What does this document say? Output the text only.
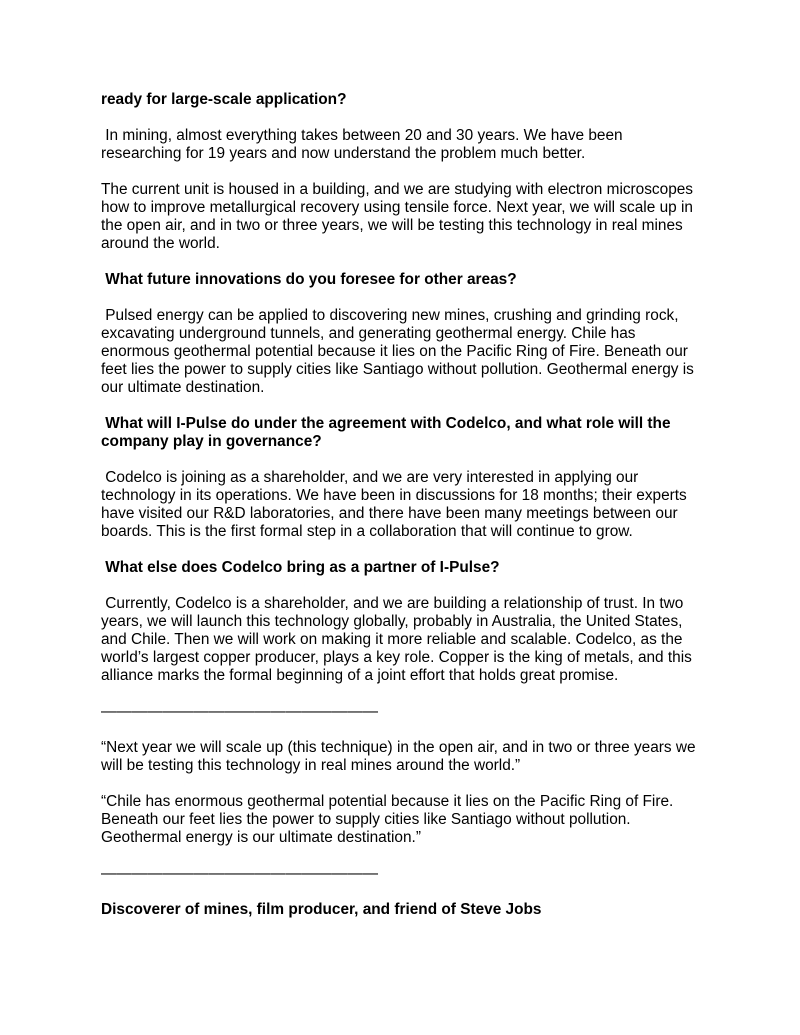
ready for large-scale application?
In mining, almost everything takes between 20 and 30 years. We have been
researching for 19 years and now understand the problem much better.
The current unit is housed in a building, and we are studying with electron microscopes
how to improve metallurgical recovery using tensile force. Next year, we will scale up in
the open air, and in two or three years, we will be testing this technology in real mines
around the world.
What future innovations do you foresee for other areas?
Pulsed energy can be applied to discovering new mines, crushing and grinding rock,
excavating underground tunnels, and generating geothermal energy. Chile has
enormous geothermal potential because it lies on the Pacific Ring of Fire. Beneath our
feet lies the power to supply cities like Santiago without pollution. Geothermal energy is
our ultimate destination.
What will I-Pulse do under the agreement with Codelco, and what role will the
company play in governance?
Codelco is joining as a shareholder, and we are very interested in applying our
technology in its operations. We have been in discussions for 18 months; their experts
have visited our R&D laboratories, and there have been many meetings between our
boards. This is the first formal step in a collaboration that will continue to grow.
What else does Codelco bring as a partner of I-Pulse?
Currently, Codelco is a shareholder, and we are building a relationship of trust. In two
years, we will launch this technology globally, probably in Australia, the United States,
and Chile. Then we will work on making it more reliable and scalable. Codelco, as the
world’s largest copper producer, plays a key role. Copper is the king of metals, and this
alliance marks the formal beginning of a joint effort that holds great promise.
——————————————————
“Next year we will scale up (this technique) in the open air, and in two or three years we
will be testing this technology in real mines around the world.”
“Chile has enormous geothermal potential because it lies on the Pacific Ring of Fire.
Beneath our feet lies the power to supply cities like Santiago without pollution.
Geothermal energy is our ultimate destination.”
——————————————————
Discoverer of mines, film producer, and friend of Steve Jobs
